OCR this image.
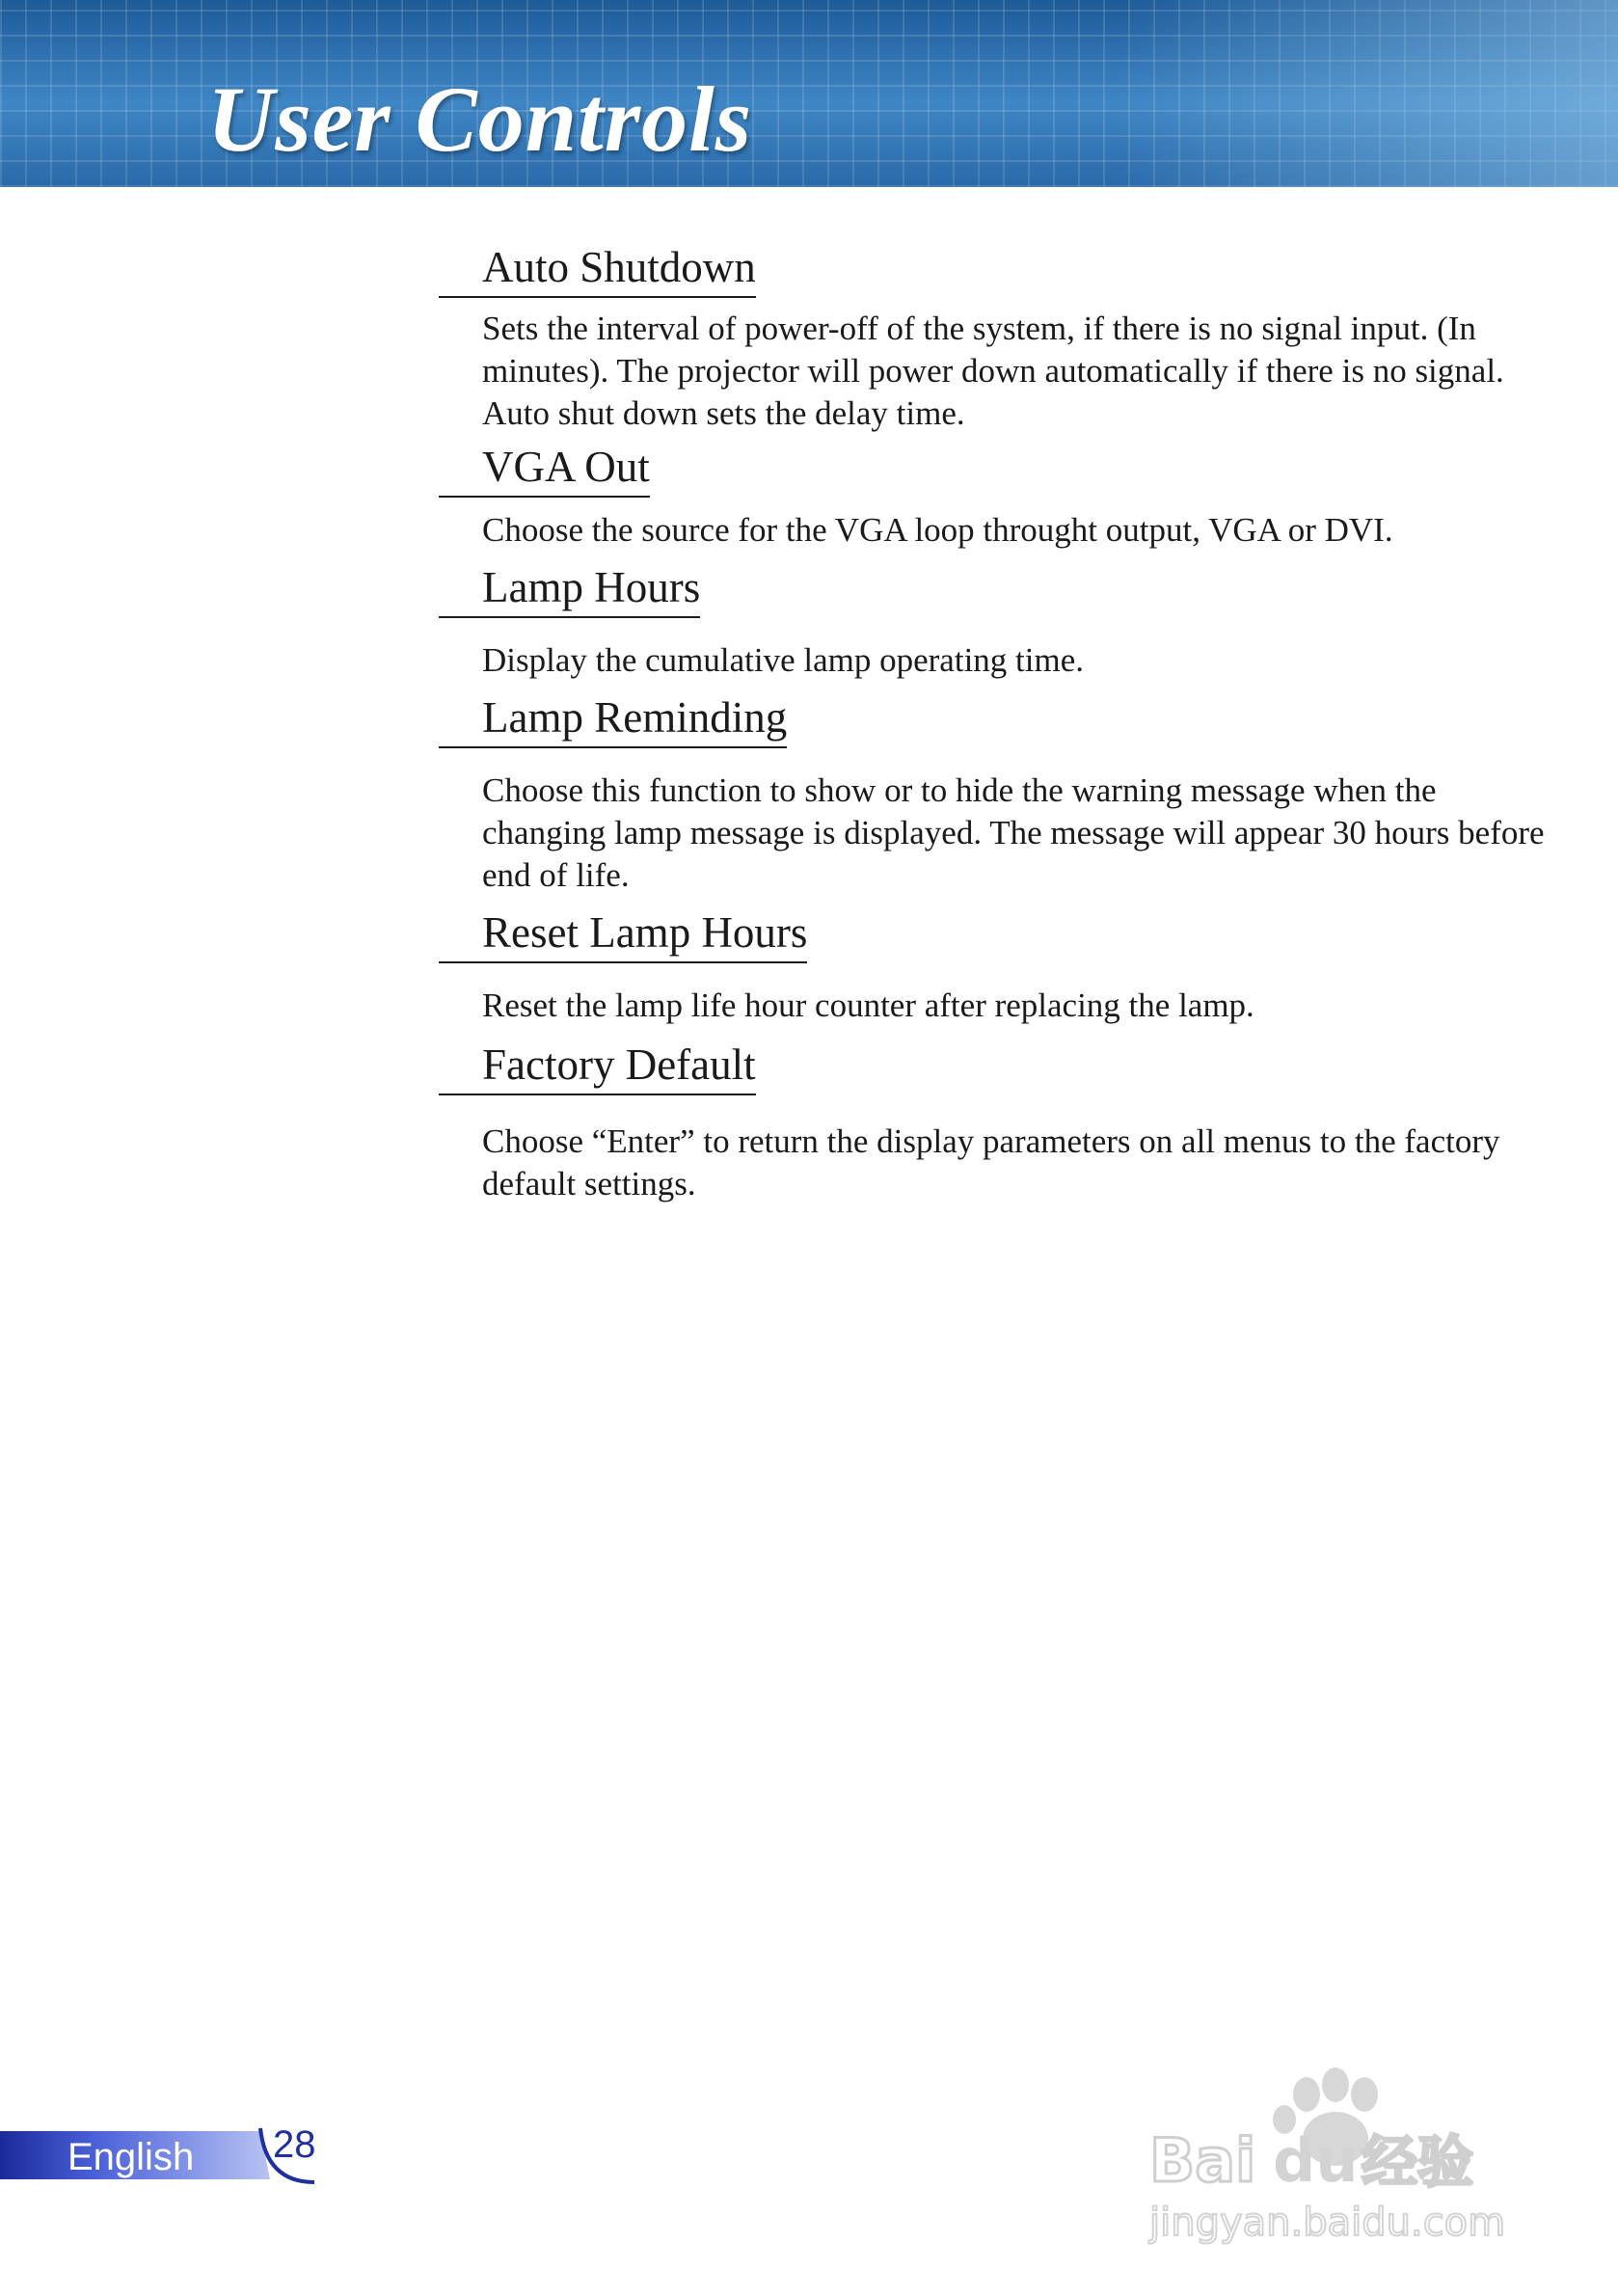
User Controls
Auto Shutdown

Sets the interval of power-off of the system, if there is no signal input. (In minutes). The projector will power down automatically if there is no signal. Auto shut down sets the delay time.

VGA Out

Choose the source for the VGA loop throught output, VGA or DVI.

Lamp Hours

Display the cumulative lamp operating time.

Lamp Reminding

Choose this function to show or to hide the warning message when the changing lamp message is displayed. The message will appear 30 hours before end of life.

Reset Lamp Hours

Reset the lamp life hour counter after replacing the lamp.

Factory Default

Choose “Enter” to return the display parameters on all menus to the factory default settings.

English 28	Bai du 经验
jingyan.baidu.com
